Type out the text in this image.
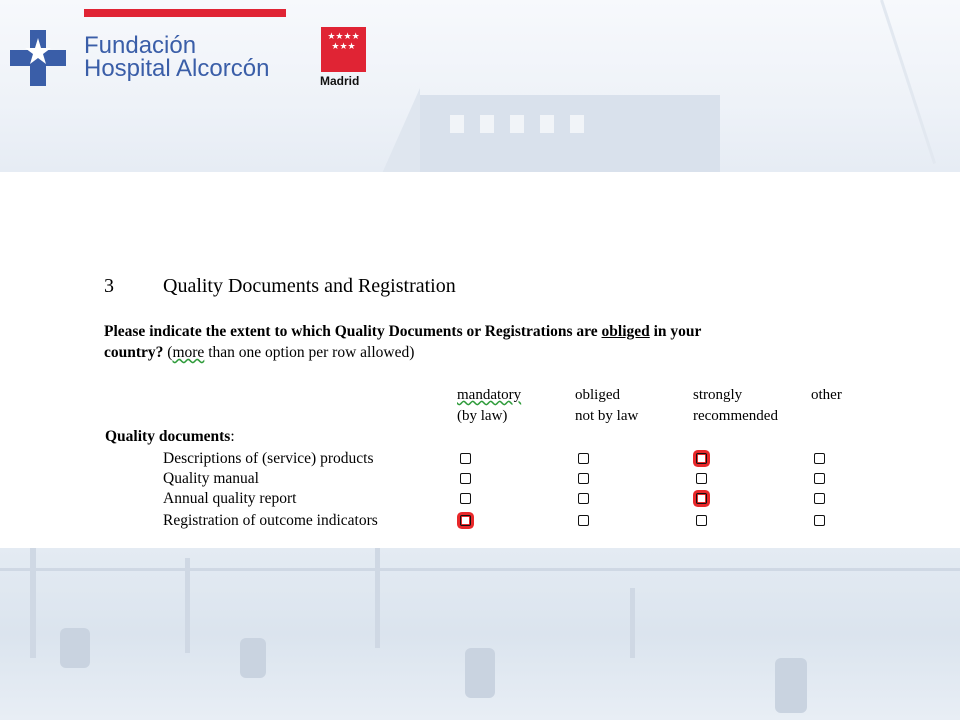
Fundación
Hospital Alcorcón
★★★★ ★★★
Madrid
3 Quality Documents and Registration
Please indicate the extent to which Quality Documents or Registrations are obliged in your
country? (more than one option per row allowed)
mandatory
(by law)
obliged
not by law
strongly
recommended
other
Quality documents:
Descriptions of (service) products
Quality manual
Annual quality report
Registration of outcome indicators
